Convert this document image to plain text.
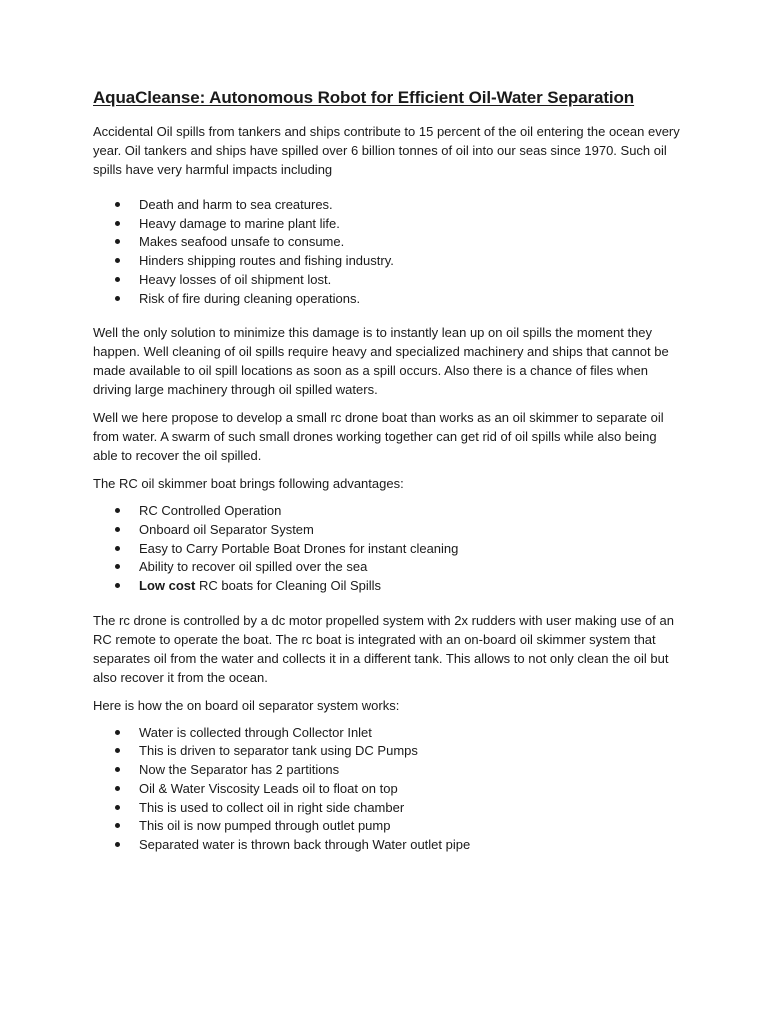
AquaCleanse: Autonomous Robot for Efficient Oil-Water Separation

Accidental Oil spills from tankers and ships contribute to 15 percent of the oil entering the ocean every year. Oil tankers and ships have spilled over 6 billion tonnes of oil into our seas since 1970. Such oil spills have very harmful impacts including

Death and harm to sea creatures.
Heavy damage to marine plant life.
Makes seafood unsafe to consume.
Hinders shipping routes and fishing industry.
Heavy losses of oil shipment lost.
Risk of fire during cleaning operations.

Well the only solution to minimize this damage is to instantly lean up on oil spills the moment they happen. Well cleaning of oil spills require heavy and specialized machinery and ships that cannot be made available to oil spill locations as soon as a spill occurs. Also there is a chance of files when driving large machinery through oil spilled waters.

Well we here propose to develop a small rc drone boat than works as an oil skimmer to separate oil from water. A swarm of such small drones working together can get rid of oil spills while also being able to recover the oil spilled.

The RC oil skimmer boat brings following advantages:

RC Controlled Operation
Onboard oil Separator System
Easy to Carry Portable Boat Drones for instant cleaning
Ability to recover oil spilled over the sea
Low cost RC boats for Cleaning Oil Spills

The rc drone is controlled by a dc motor propelled system with 2x rudders with user making use of an RC remote to operate the boat. The rc boat is integrated with an on-board oil skimmer system that separates oil from the water and collects it in a different tank. This allows to not only clean the oil but also recover it from the ocean.

Here is how the on board oil separator system works:

Water is collected through Collector Inlet
This is driven to separator tank using DC Pumps
Now the Separator has 2 partitions
Oil & Water Viscosity Leads oil to float on top
This is used to collect oil in right side chamber
This oil is now pumped through outlet pump
Separated water is thrown back through Water outlet pipe
